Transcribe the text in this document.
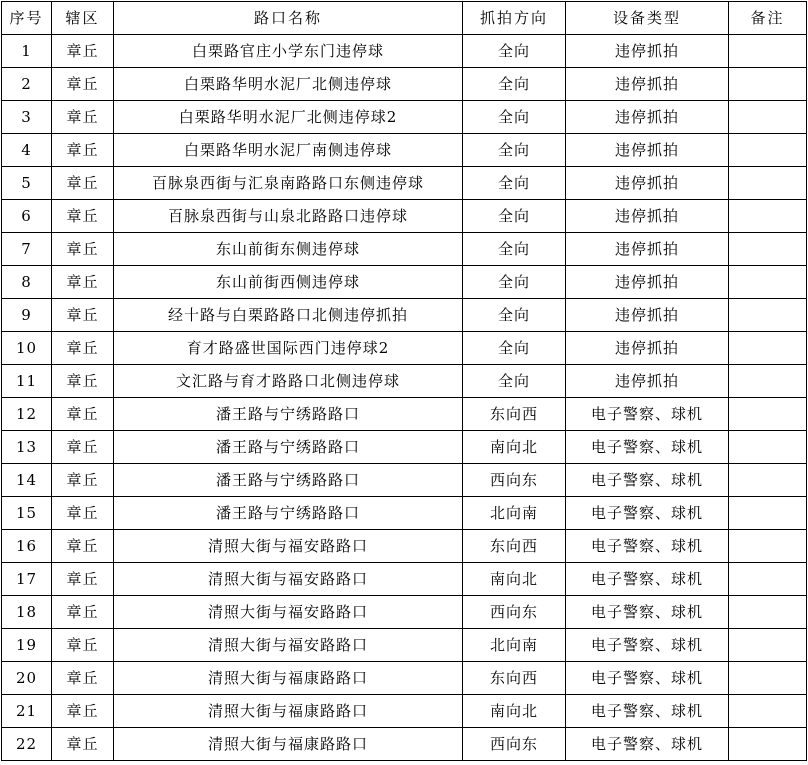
序号	辖区	路口名称	抓拍方向	设备类型	备注
1	章丘	白栗路官庄小学东门违停球	全向	违停抓拍	
2	章丘	白栗路华明水泥厂北侧违停球	全向	违停抓拍	
3	章丘	白栗路华明水泥厂北侧违停球2	全向	违停抓拍	
4	章丘	白栗路华明水泥厂南侧违停球	全向	违停抓拍	
5	章丘	百脉泉西街与汇泉南路路口东侧违停球	全向	违停抓拍	
6	章丘	百脉泉西街与山泉北路路口违停球	全向	违停抓拍	
7	章丘	东山前街东侧违停球	全向	违停抓拍	
8	章丘	东山前街西侧违停球	全向	违停抓拍	
9	章丘	经十路与白栗路路口北侧违停抓拍	全向	违停抓拍	
10	章丘	育才路盛世国际西门违停球2	全向	违停抓拍	
11	章丘	文汇路与育才路路口北侧违停球	全向	违停抓拍	
12	章丘	潘王路与宁绣路路口	东向西	电子警察、球机	
13	章丘	潘王路与宁绣路路口	南向北	电子警察、球机	
14	章丘	潘王路与宁绣路路口	西向东	电子警察、球机	
15	章丘	潘王路与宁绣路路口	北向南	电子警察、球机	
16	章丘	清照大街与福安路路口	东向西	电子警察、球机	
17	章丘	清照大街与福安路路口	南向北	电子警察、球机	
18	章丘	清照大街与福安路路口	西向东	电子警察、球机	
19	章丘	清照大街与福安路路口	北向南	电子警察、球机	
20	章丘	清照大街与福康路路口	东向西	电子警察、球机	
21	章丘	清照大街与福康路路口	南向北	电子警察、球机	
22	章丘	清照大街与福康路路口	西向东	电子警察、球机	
